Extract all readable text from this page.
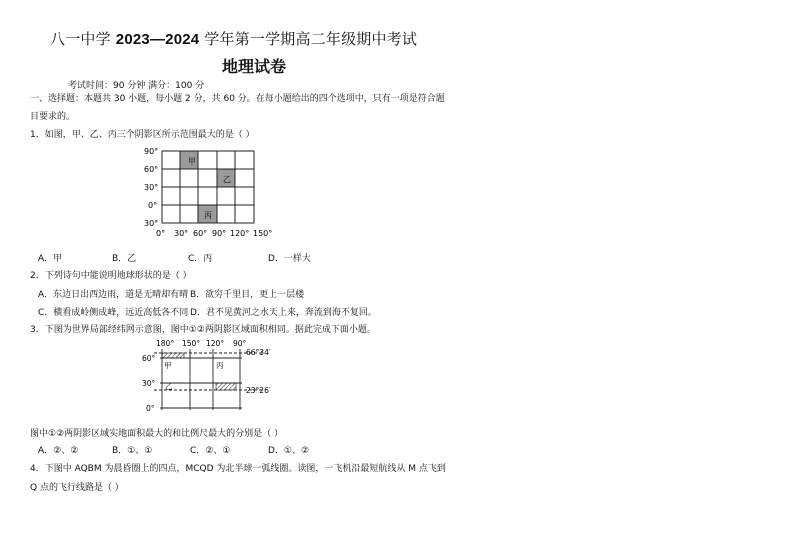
八一中学 2023—2024 学年第一学期高二年级期中考试
地理试卷
考试时间：90 分钟 满分：100 分
一、选择题：本题共 30 小题，每小题 2 分，共 60 分。在每小题给出的四个选项中，只有一项是符合题
目要求的。
1．如图，甲、乙、丙三个阴影区所示范围最大的是（ ）
甲
乙
丙
90°
60°
30°
0°
30°
0° 30° 60° 90° 120° 150°
A．甲	B．乙	C．丙	D．一样大
2．下列诗句中能说明地球形状的是（ ）
A．东边日出西边雨，道是无晴却有晴 B．欲穷千里目，更上一层楼
C．横看成岭侧成峰，远近高低各不同 D．君不见黄河之水天上来，奔流到海不复回。
3．下图为世界局部经纬网示意图，图中①②两阴影区域面积相同。据此完成下面小题。
180° 150° 120° 90°
60°
30°
0°
66°34′
23°26′
甲	丙
乙
图中①②两阴影区域实地面积最大的和比例尺最大的分别是（ ）
A．②、②	B．①、①	C．②、①	D．①、②
4．下图中 AQBM 为晨昏圈上的四点，MCQD 为北半球一弧线圈。读图，一飞机沿最短航线从 M 点飞到
Q 点的飞行线路是（ ）
